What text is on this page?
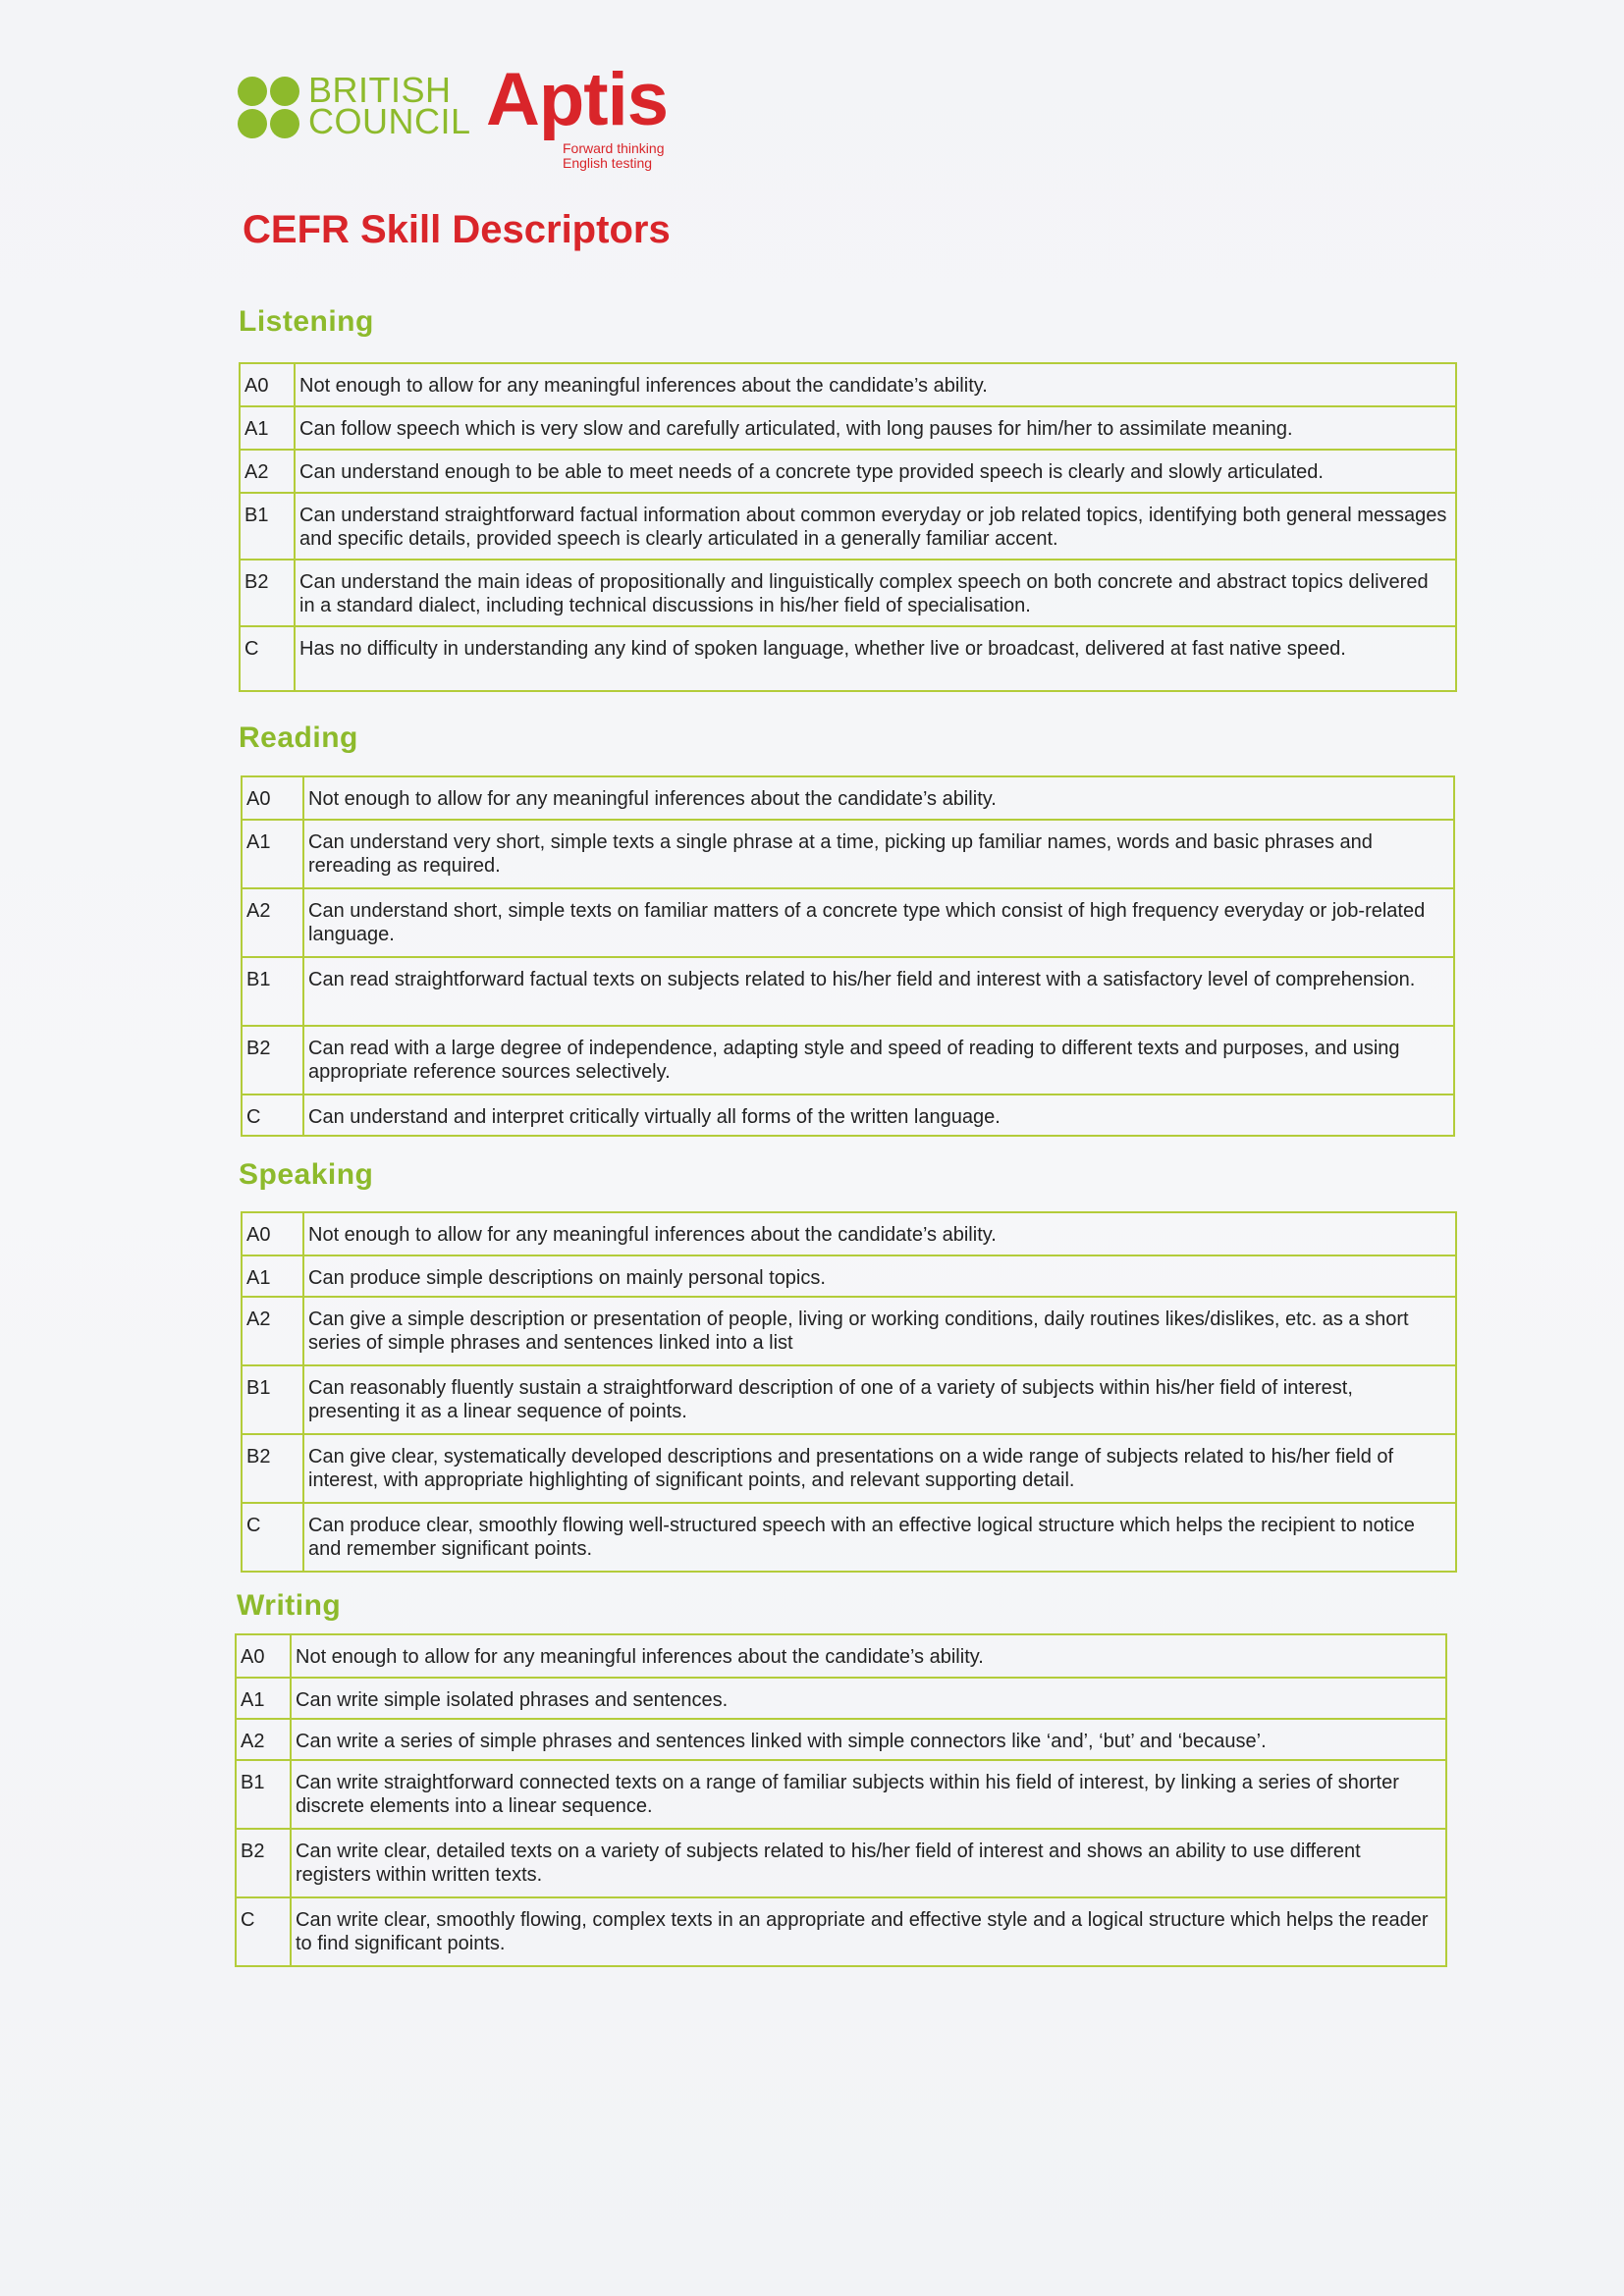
BRITISH
COUNCIL Aptis
Forward thinking
English testing
CEFR Skill Descriptors
Listening
A0	Not enough to allow for any meaningful inferences about the candidate’s ability.
A1	Can follow speech which is very slow and carefully articulated, with long pauses for him/her to assimilate meaning.
A2	Can understand enough to be able to meet needs of a concrete type provided speech is clearly and slowly articulated.
B1	Can understand straightforward factual information about common everyday or job related topics, identifying both general messages and specific details, provided speech is clearly articulated in a generally familiar accent.
B2	Can understand the main ideas of propositionally and linguistically complex speech on both concrete and abstract topics delivered in a standard dialect, including technical discussions in his/her field of specialisation.
C	Has no difficulty in understanding any kind of spoken language, whether live or broadcast, delivered at fast native speed.
Reading
A0	Not enough to allow for any meaningful inferences about the candidate’s ability.
A1	Can understand very short, simple texts a single phrase at a time, picking up familiar names, words and basic phrases and rereading as required.
A2	Can understand short, simple texts on familiar matters of a concrete type which consist of high frequency everyday or job-related language.
B1	Can read straightforward factual texts on subjects related to his/her field and interest with a satisfactory level of comprehension.
B2	Can read with a large degree of independence, adapting style and speed of reading to different texts and purposes, and using appropriate reference sources selectively.
C	Can understand and interpret critically virtually all forms of the written language.
Speaking
A0	Not enough to allow for any meaningful inferences about the candidate’s ability.
A1	Can produce simple descriptions on mainly personal topics.
A2	Can give a simple description or presentation of people, living or working conditions, daily routines likes/dislikes, etc. as a short series of simple phrases and sentences linked into a list
B1	Can reasonably fluently sustain a straightforward description of one of a variety of subjects within his/her field of interest, presenting it as a linear sequence of points.
B2	Can give clear, systematically developed descriptions and presentations on a wide range of subjects related to his/her field of interest, with appropriate highlighting of significant points, and relevant supporting detail.
C	Can produce clear, smoothly flowing well-structured speech with an effective logical structure which helps the recipient to notice and remember significant points.
Writing
A0	Not enough to allow for any meaningful inferences about the candidate’s ability.
A1	Can write simple isolated phrases and sentences.
A2	Can write a series of simple phrases and sentences linked with simple connectors like ‘and’, ‘but’ and ‘because’.
B1	Can write straightforward connected texts on a range of familiar subjects within his field of interest, by linking a series of shorter discrete elements into a linear sequence.
B2	Can write clear, detailed texts on a variety of subjects related to his/her field of interest and shows an ability to use different registers within written texts.
C	Can write clear, smoothly flowing, complex texts in an appropriate and effective style and a logical structure which helps the reader to find significant points.
